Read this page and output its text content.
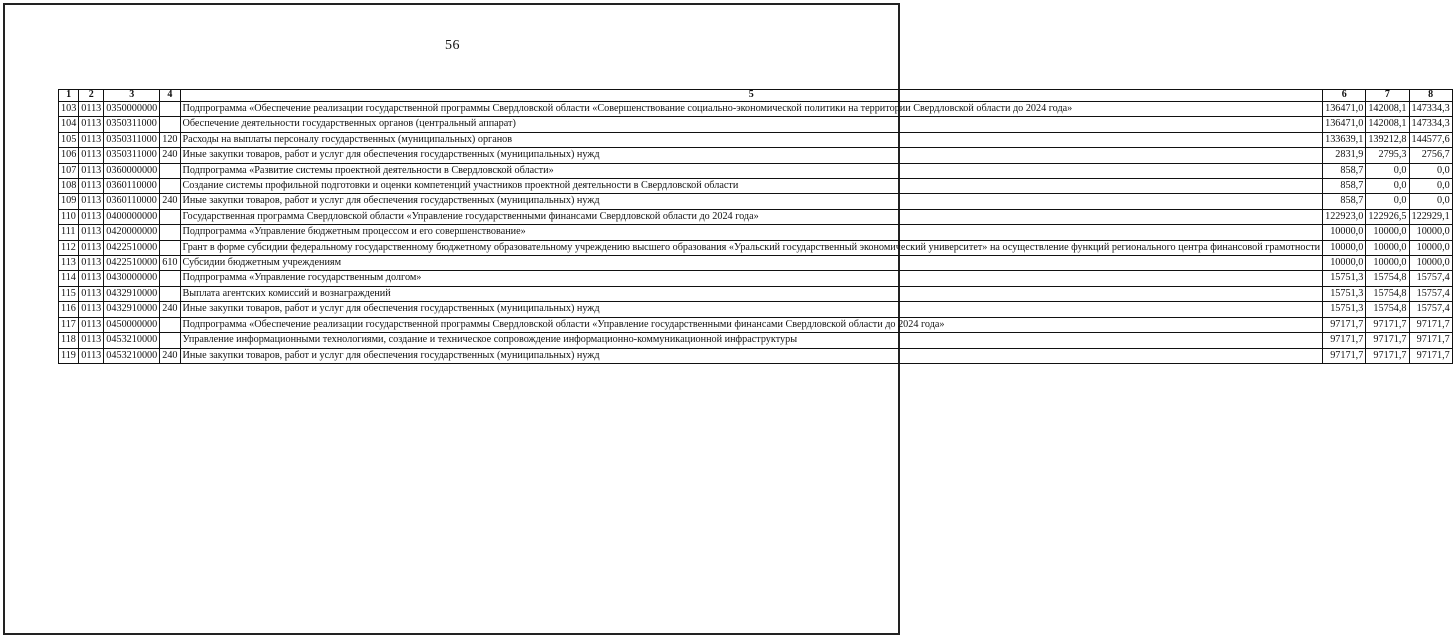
56
1	2	3	4	5	6	7	8
103	0113	0350000000		Подпрограмма «Обеспечение реализации государственной программы Свердловской области «Совершенствование социально-экономической политики на территории Свердловской области до 2024 года»	136471,0	142008,1	147334,3
104	0113	0350311000		Обеспечение деятельности государственных органов (центральный аппарат)	136471,0	142008,1	147334,3
105	0113	0350311000	120	Расходы на выплаты персоналу государственных (муниципальных) органов	133639,1	139212,8	144577,6
106	0113	0350311000	240	Иные закупки товаров, работ и услуг для обеспечения государственных (муниципальных) нужд	2831,9	2795,3	2756,7
107	0113	0360000000		Подпрограмма «Развитие системы проектной деятельности в Свердловской области»	858,7	0,0	0,0
108	0113	0360110000		Создание системы профильной подготовки и оценки компетенций участников проектной деятельности в Свердловской области	858,7	0,0	0,0
109	0113	0360110000	240	Иные закупки товаров, работ и услуг для обеспечения государственных (муниципальных) нужд	858,7	0,0	0,0
110	0113	0400000000		Государственная программа Свердловской области «Управление государственными финансами Свердловской области до 2024 года»	122923,0	122926,5	122929,1
111	0113	0420000000		Подпрограмма «Управление бюджетным процессом и его совершенствование»	10000,0	10000,0	10000,0
112	0113	0422510000		Грант в форме субсидии федеральному государственному бюджетному образовательному учреждению высшего образования «Уральский государственный экономический университет» на осуществление функций регионального центра финансовой грамотности	10000,0	10000,0	10000,0
113	0113	0422510000	610	Субсидии бюджетным учреждениям	10000,0	10000,0	10000,0
114	0113	0430000000		Подпрограмма «Управление государственным долгом»	15751,3	15754,8	15757,4
115	0113	0432910000		Выплата агентских комиссий и вознаграждений	15751,3	15754,8	15757,4
116	0113	0432910000	240	Иные закупки товаров, работ и услуг для обеспечения государственных (муниципальных) нужд	15751,3	15754,8	15757,4
117	0113	0450000000		Подпрограмма «Обеспечение реализации государственной программы Свердловской области «Управление государственными финансами Свердловской области до 2024 года»	97171,7	97171,7	97171,7
118	0113	0453210000		Управление информационными технологиями, создание и техническое сопровождение информационно-коммуникационной инфраструктуры	97171,7	97171,7	97171,7
119	0113	0453210000	240	Иные закупки товаров, работ и услуг для обеспечения государственных (муниципальных) нужд	97171,7	97171,7	97171,7
